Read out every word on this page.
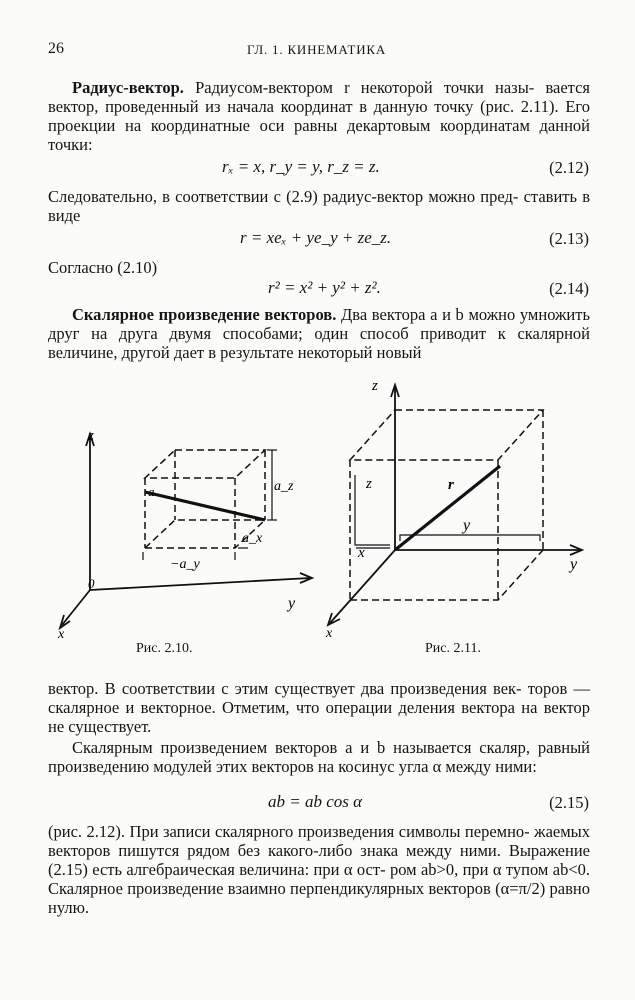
26	ГЛ. 1. КИНЕМАТИКА
Радиус-вектор. Радиусом-вектором r некоторой точки назы- вается вектор, проведенный из начала координат в данную точку (рис. 2.11). Его проекции на координатные оси равны декартовым координатам данной точки:
rₓ = x, r_y = y, r_z = z.	(2.12)
Следовательно, в соответствии с (2.9) радиус-вектор можно пред- ставить в виде
r = xeₓ + ye_y + ze_z.	(2.13)
Согласно (2.10)
r² = x² + y² + z².	(2.14)
Скалярное произведение векторов. Два вектора a и b можно умножить друг на друга двумя способами; один способ приводит к скалярной величине, другой дает в результате некоторый новый
z
y
x
0
a	a_z
a_x
−a_y
Рис. 2.10.
z
y
x
r
z
y
x
Рис. 2.11.
вектор. В соответствии с этим существует два произведения век- торов — скалярное и векторное. Отметим, что операции деления вектора на вектор не существует.
Скалярным произведением векторов a и b называется скаляр, равный произведению модулей этих векторов на косинус угла α между ними:
ab = ab cos α	(2.15)
(рис. 2.12). При записи скалярного произведения символы перемно- жаемых векторов пишутся рядом без какого-либо знака между ними. Выражение (2.15) есть алгебраическая величина: при α ост- ром ab>0, при α тупом ab<0. Скалярное произведение взаимно перпендикулярных векторов (α=π/2) равно нулю.
